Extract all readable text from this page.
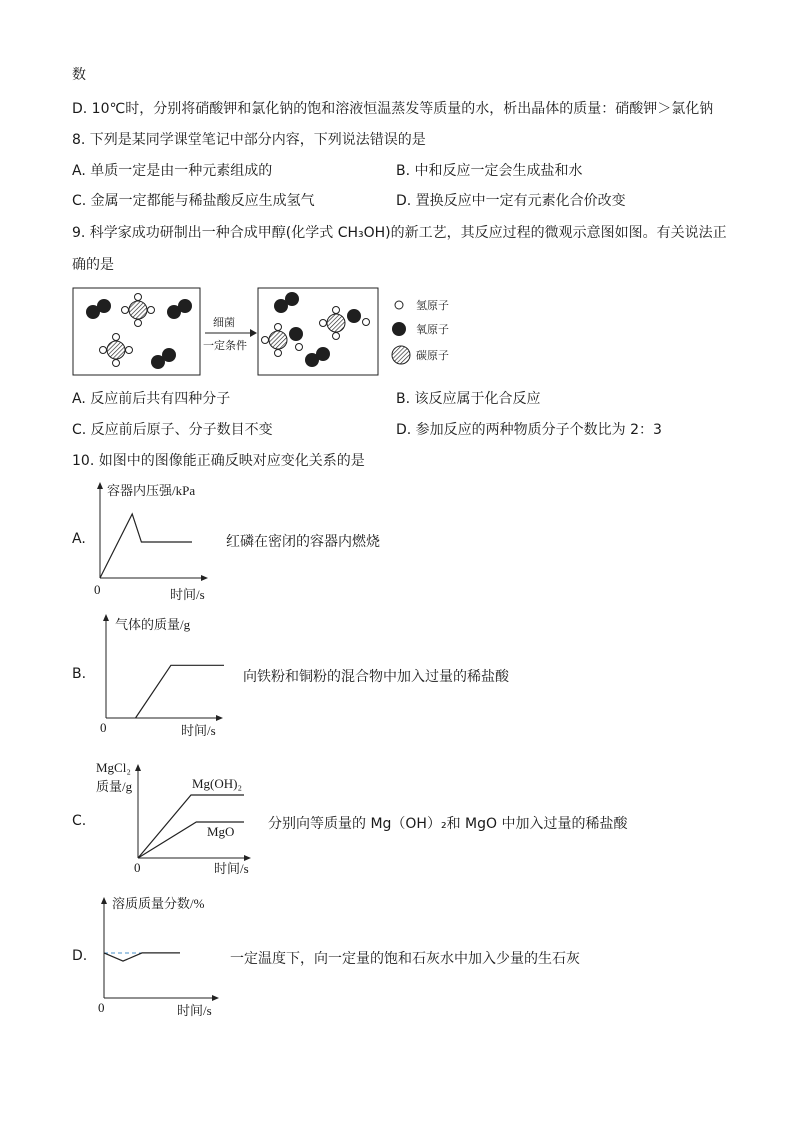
数
D. 10℃时，分别将硝酸钾和氯化钠的饱和溶液恒温蒸发等质量的水，析出晶体的质量：硝酸钾＞氯化钠
8. 下列是某同学课堂笔记中部分内容，下列说法错误的是
A. 单质一定是由一种元素组成的	B. 中和反应一定会生成盐和水
C. 金属一定都能与稀盐酸反应生成氢气	D. 置换反应中一定有元素化合价改变
9. 科学家成功研制出一种合成甲醇(化学式 CH₃OH)的新工艺，其反应过程的微观示意图如图。有关说法正
确的是
细菌
一定条件
氢原子
氧原子
碳原子
A. 反应前后共有四种分子	B. 该反应属于化合反应
C. 反应前后原子、分子数目不变	D. 参加反应的两种物质分子个数比为 2：3
10. 如图中的图像能正确反映对应变化关系的是
A.
容器内压强/kPa
0	时间/s
红磷在密闭的容器内燃烧
B.
气体的质量/g
0	时间/s
向铁粉和铜粉的混合物中加入过量的稀盐酸
C.
MgCl₂
质量/g	Mg(OH)₂
MgO
0	时间/s
分别向等质量的 Mg（OH）₂和 MgO 中加入过量的稀盐酸
D.
溶质质量分数/%
0	时间/s
一定温度下，向一定量的饱和石灰水中加入少量的生石灰
